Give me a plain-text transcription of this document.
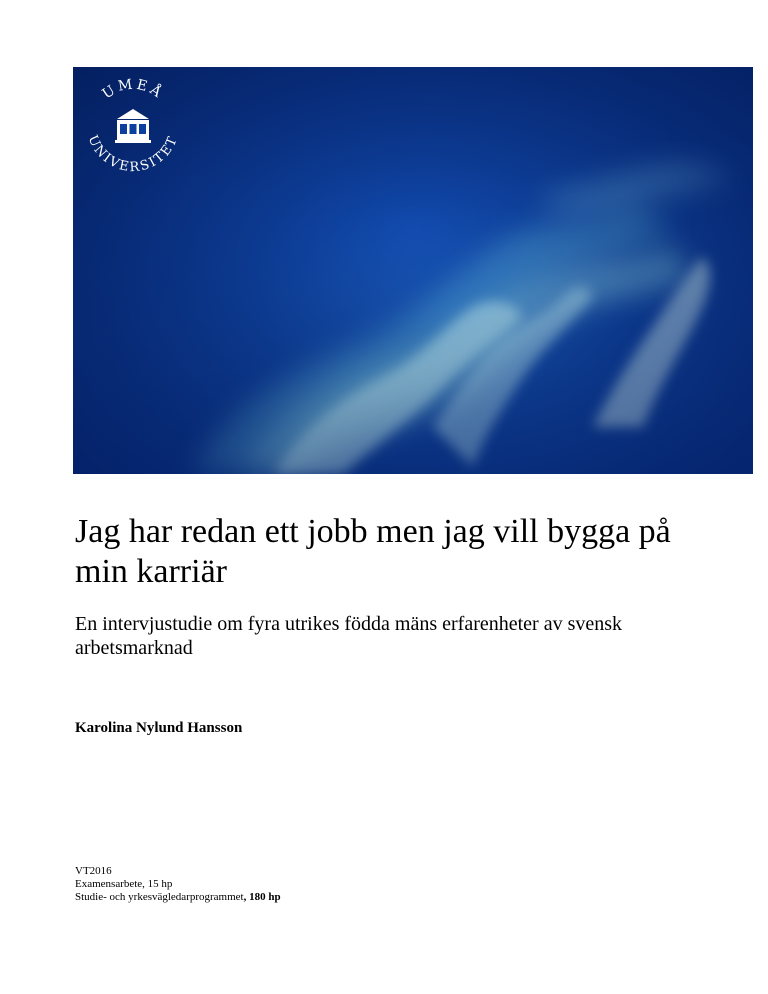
UMEÅ
UNIVERSITET
Jag har redan ett jobb men jag vill bygga på min karriär
En intervjustudie om fyra utrikes födda mäns erfarenheter av svensk arbetsmarknad
Karolina Nylund Hansson
VT2016
Examensarbete, 15 hp
Studie- och yrkesvägledarprogrammet, 180 hp
